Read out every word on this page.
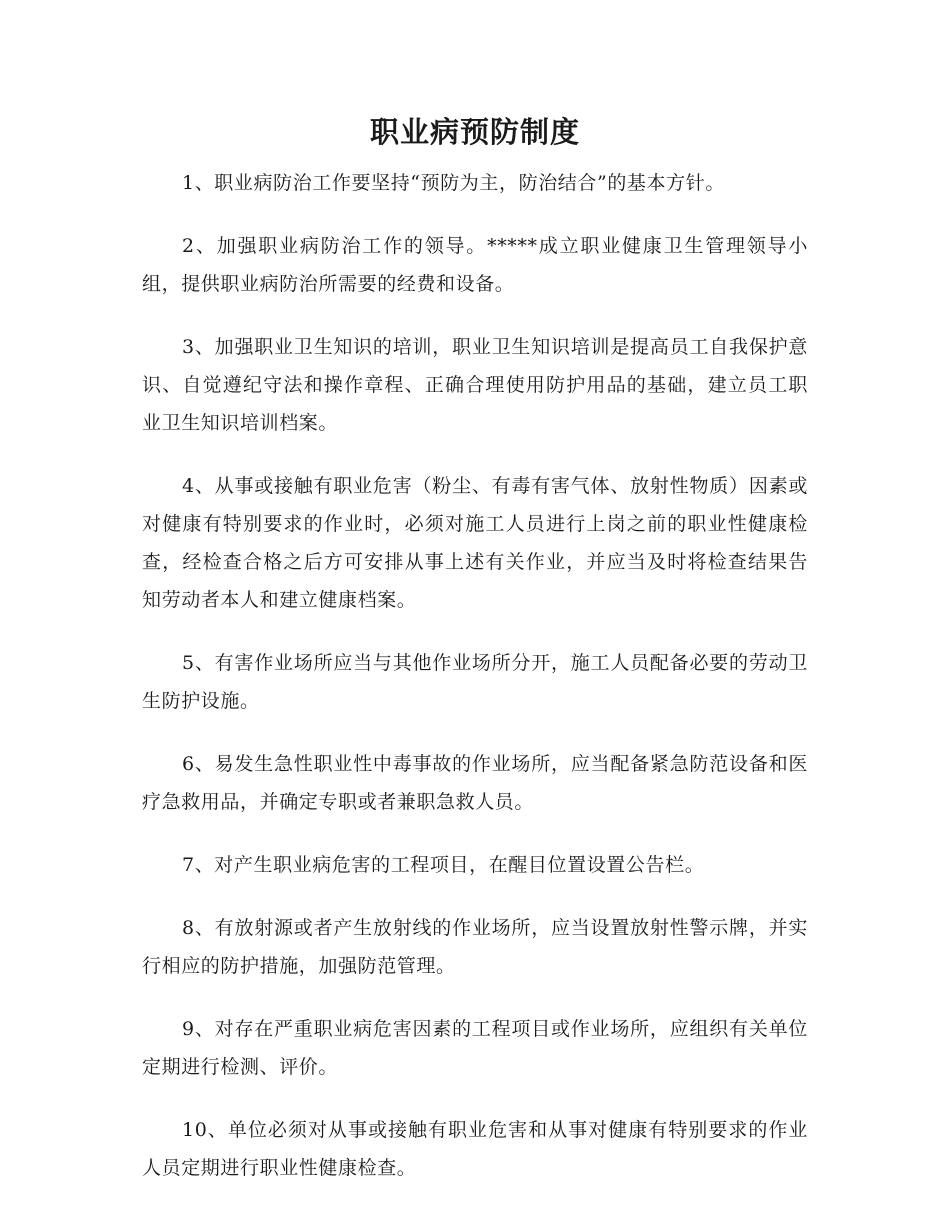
职业病预防制度

1、职业病防治工作要坚持“预防为主，防治结合”的基本方针。

2、加强职业病防治工作的领导。*****成立职业健康卫生管理领导小组，提供职业病防治所需要的经费和设备。

3、加强职业卫生知识的培训，职业卫生知识培训是提高员工自我保护意识、自觉遵纪守法和操作章程、正确合理使用防护用品的基础，建立员工职业卫生知识培训档案。

4、从事或接触有职业危害（粉尘、有毒有害气体、放射性物质）因素或对健康有特别要求的作业时，必须对施工人员进行上岗之前的职业性健康检查，经检查合格之后方可安排从事上述有关作业，并应当及时将检查结果告知劳动者本人和建立健康档案。

5、有害作业场所应当与其他作业场所分开，施工人员配备必要的劳动卫生防护设施。

6、易发生急性职业性中毒事故的作业场所，应当配备紧急防范设备和医疗急救用品，并确定专职或者兼职急救人员。

7、对产生职业病危害的工程项目，在醒目位置设置公告栏。

8、有放射源或者产生放射线的作业场所，应当设置放射性警示牌，并实行相应的防护措施，加强防范管理。

9、对存在严重职业病危害因素的工程项目或作业场所，应组织有关单位定期进行检测、评价。

10、单位必须对从事或接触有职业危害和从事对健康有特别要求的作业人员定期进行职业性健康检查。
